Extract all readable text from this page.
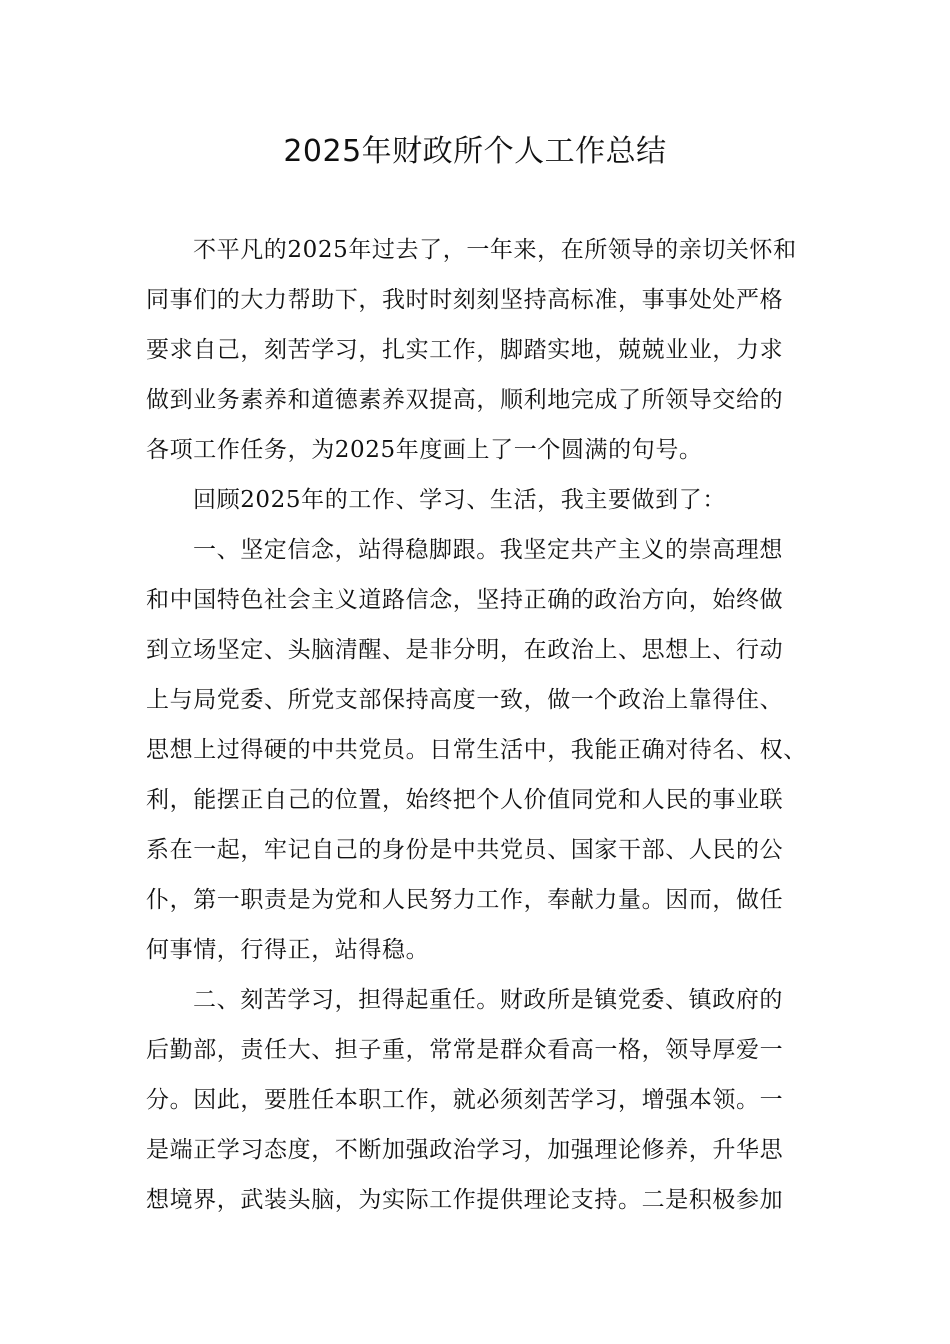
2025年财政所个人工作总结
不平凡的2025年过去了，一年来，在所领导的亲切关怀和
同事们的大力帮助下，我时时刻刻坚持高标准，事事处处严格
要求自己，刻苦学习，扎实工作，脚踏实地，兢兢业业，力求
做到业务素养和道德素养双提高，顺利地完成了所领导交给的
各项工作任务，为2025年度画上了一个圆满的句号。
回顾2025年的工作、学习、生活，我主要做到了：
一、坚定信念，站得稳脚跟。我坚定共产主义的崇高理想
和中国特色社会主义道路信念，坚持正确的政治方向，始终做
到立场坚定、头脑清醒、是非分明，在政治上、思想上、行动
上与局党委、所党支部保持高度一致，做一个政治上靠得住、
思想上过得硬的中共党员。日常生活中，我能正确对待名、权、
利，能摆正自己的位置，始终把个人价值同党和人民的事业联
系在一起，牢记自己的身份是中共党员、国家干部、人民的公
仆，第一职责是为党和人民努力工作，奉献力量。因而，做任
何事情，行得正，站得稳。
二、刻苦学习，担得起重任。财政所是镇党委、镇政府的
后勤部，责任大、担子重，常常是群众看高一格，领导厚爱一
分。因此，要胜任本职工作，就必须刻苦学习，增强本领。一
是端正学习态度，不断加强政治学习，加强理论修养，升华思
想境界，武装头脑，为实际工作提供理论支持。二是积极参加
